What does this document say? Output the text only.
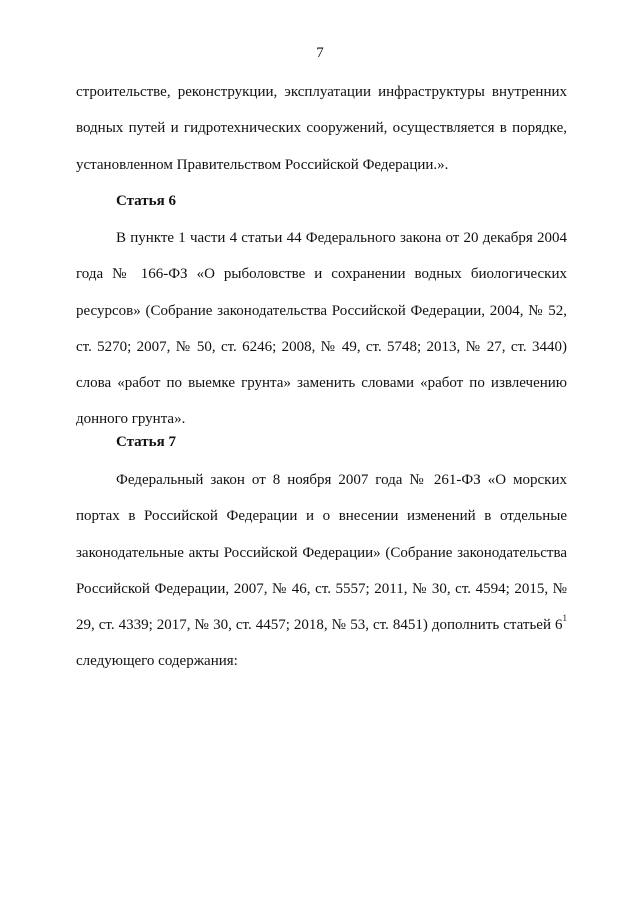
7

строительстве, реконструкции, эксплуатации инфраструктуры внутренних водных путей и гидротехнических сооружений, осуществляется в порядке, установленном Правительством Российской Федерации.».

Статья 6

В пункте 1 части 4 статьи 44 Федерального закона от 20 декабря 2004 года № 166-ФЗ «О рыболовстве и сохранении водных биологических ресурсов» (Собрание законодательства Российской Федерации, 2004, № 52, ст. 5270; 2007, № 50, ст. 6246; 2008, № 49, ст. 5748; 2013, № 27, ст. 3440) слова «работ по выемке грунта» заменить словами «работ по извлечению донного грунта».

Статья 7

Федеральный закон от 8 ноября 2007 года № 261-ФЗ «О морских портах в Российской Федерации и о внесении изменений в отдельные законодательные акты Российской Федерации» (Собрание законодательства Российской Федерации, 2007, № 46, ст. 5557; 2011, № 30, ст. 4594; 2015, № 29, ст. 4339; 2017, № 30, ст. 4457; 2018, № 53, ст. 8451) дополнить статьей $6^1$ следующего содержания:
